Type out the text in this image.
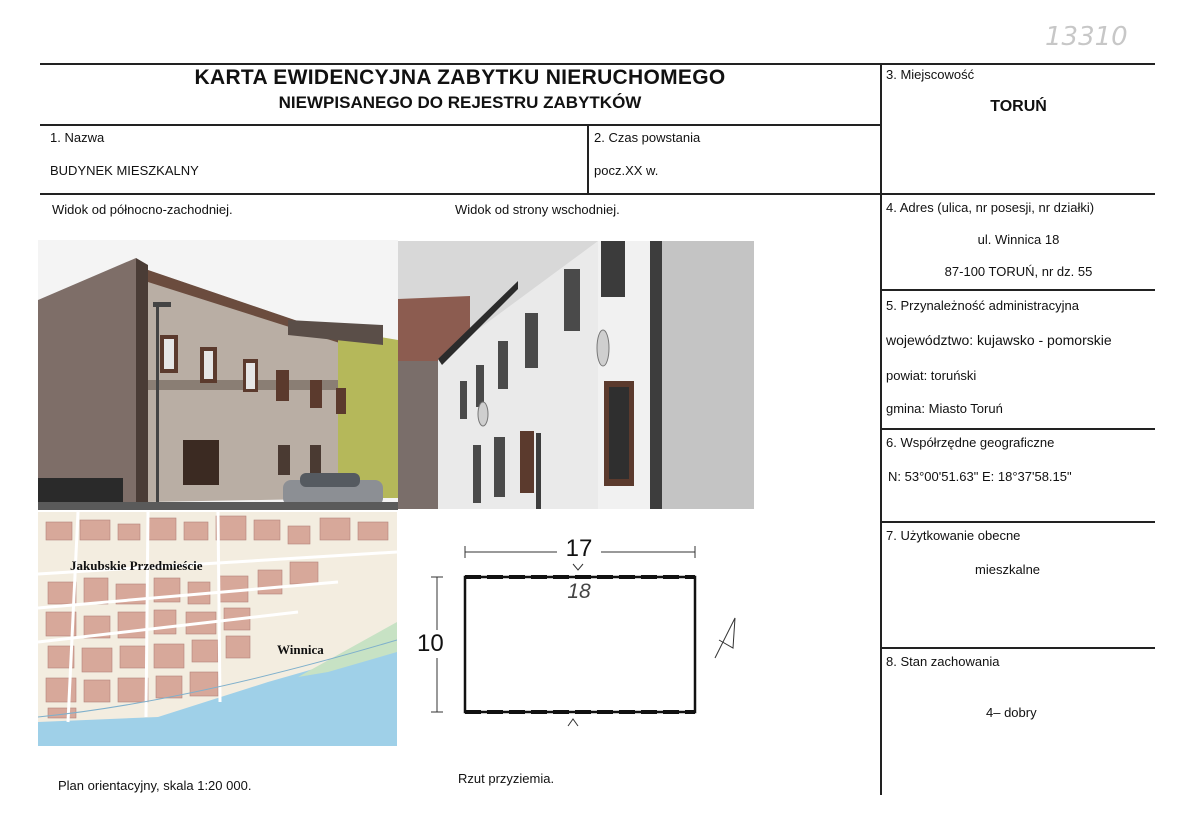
13310
KARTA EWIDENCYJNA ZABYTKU NIERUCHOMEGO
NIEWPISANEGO DO REJESTRU ZABYTKÓW
1. Nazwa
BUDYNEK MIESZKALNY
2. Czas powstania
pocz.XX w.
3. Miejscowość
TORUŃ
4. Adres (ulica, nr posesji, nr działki)
ul. Winnica 18
87-100 TORUŃ, nr dz. 55
5. Przynależność administracyjna
województwo: kujawsko - pomorskie
powiat: toruński
gmina: Miasto Toruń
6. Współrzędne geograficzne
N: 53°00'51.63" E: 18°37'58.15"
7. Użytkowanie obecne
mieszkalne
8. Stan zachowania
4– dobry
Widok od północno-zachodniej.	Widok od strony wschodniej.
Jakubskie Przedmieście
Winnica
17
10
18
Plan orientacyjny, skala 1:20 000.	Rzut przyziemia.
